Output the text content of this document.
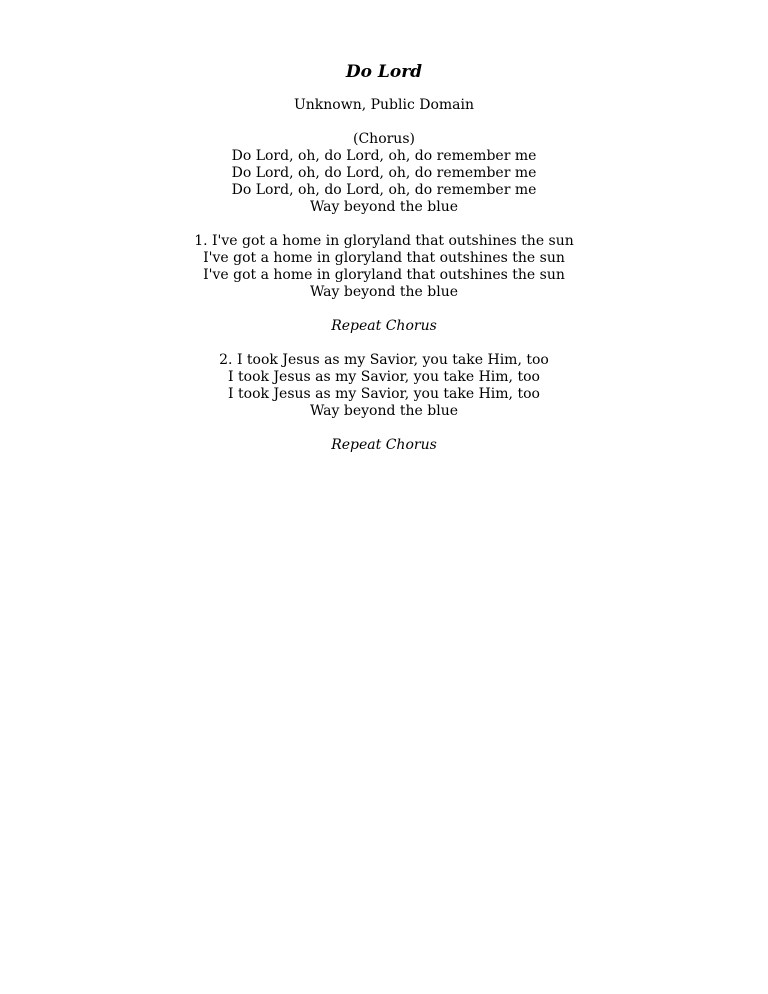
Do Lord

Unknown, Public Domain

(Chorus)
Do Lord, oh, do Lord, oh, do remember me
Do Lord, oh, do Lord, oh, do remember me
Do Lord, oh, do Lord, oh, do remember me
Way beyond the blue
1. I've got a home in gloryland that outshines the sun
I've got a home in gloryland that outshines the sun
I've got a home in gloryland that outshines the sun
Way beyond the blue
Repeat Chorus
2. I took Jesus as my Savior, you take Him, too
I took Jesus as my Savior, you take Him, too
I took Jesus as my Savior, you take Him, too
Way beyond the blue
Repeat Chorus
